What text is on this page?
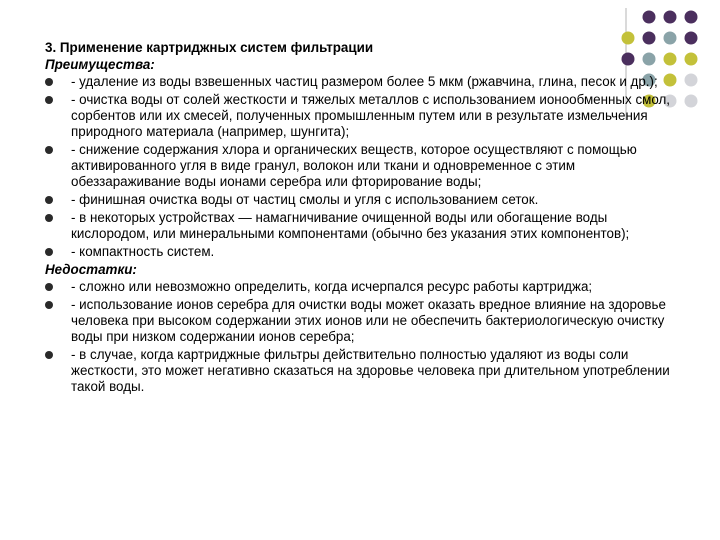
3. Применение картриджных систем фильтрации
Преимущества:
- удаление из воды взвешенных частиц размером более 5 мкм (ржавчина, глина, песок и др.);
- очистка воды от солей жесткости и тяжелых металлов с использованием ионообменных смол, сорбентов или их смесей, полученных промышленным путем или в результате измельчения природного материала (например, шунгита);
- снижение содержания хлора и органических веществ, которое осуществляют с помощью активированного угля в виде гранул, волокон или ткани и одновременное с этим обеззараживание воды ионами серебра или фторирование воды;
- финишная очистка воды от частиц смолы и угля с использованием сеток.
- в некоторых устройствах — намагничивание очищенной воды или обогащение воды кислородом, или минеральными компонентами (обычно без указания этих компонентов);
- компактность систем.
Недостатки:
- сложно или невозможно определить, когда исчерпался ресурс работы картриджа;
- использование ионов серебра для очистки воды может оказать вредное влияние на здоровье человека при высоком содержании этих ионов или не обеспечить бактериологическую очистку воды при низком содержании ионов серебра;
- в случае, когда картриджные фильтры действительно полностью удаляют из воды соли жесткости, это может негативно сказаться на здоровье человека при длительном употреблении такой воды.
